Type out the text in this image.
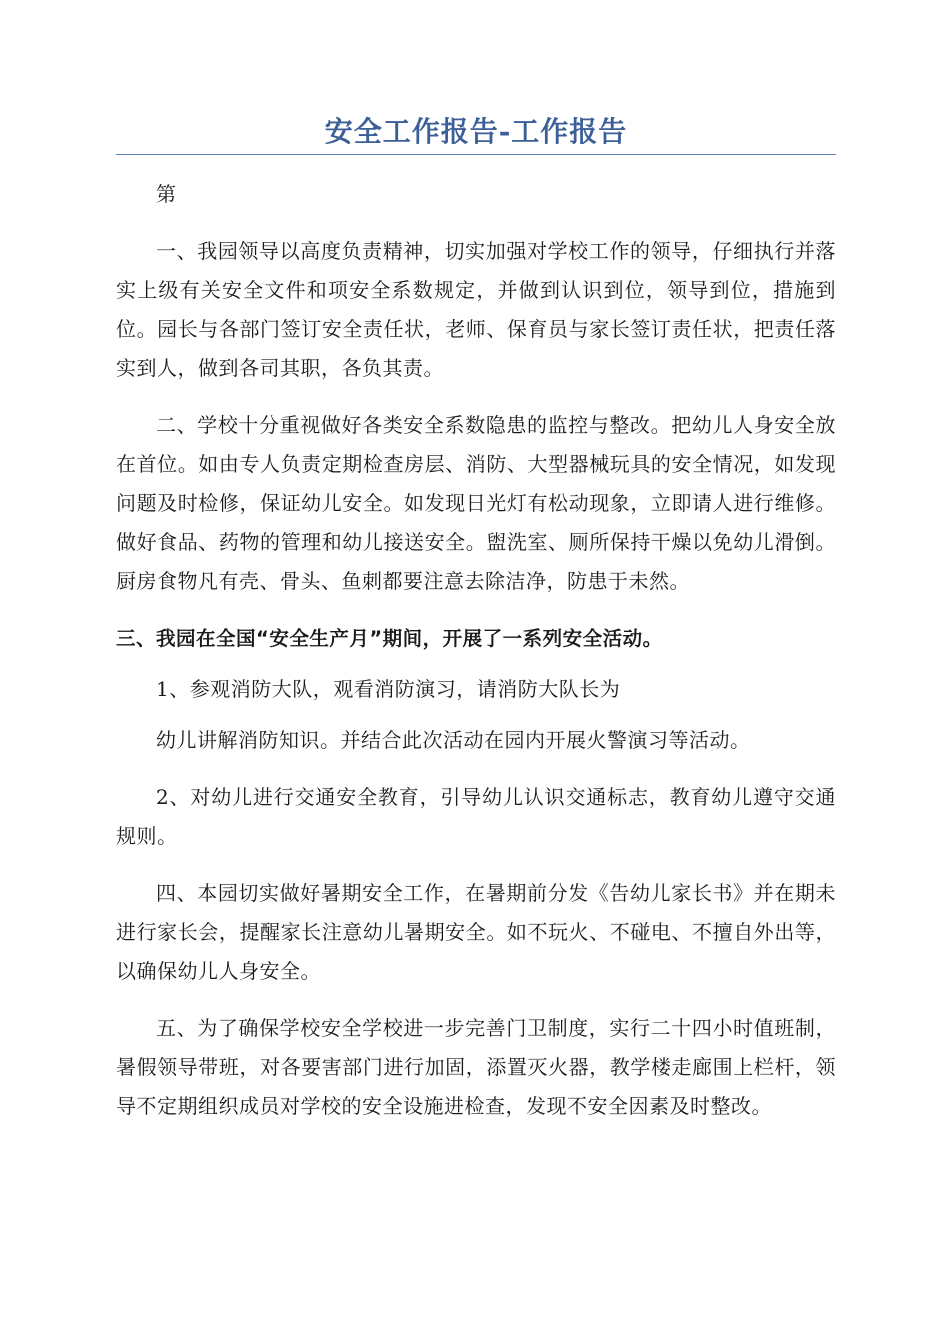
安全工作报告-工作报告

第

一、我园领导以高度负责精神，切实加强对学校工作的领导，仔细执行并落实上级有关安全文件和项安全系数规定，并做到认识到位，领导到位，措施到位。园长与各部门签订安全责任状，老师、保育员与家长签订责任状，把责任落实到人，做到各司其职，各负其责。

二、学校十分重视做好各类安全系数隐患的监控与整改。把幼儿人身安全放在首位。如由专人负责定期检查房层、消防、大型器械玩具的安全情况，如发现问题及时检修，保证幼儿安全。如发现日光灯有松动现象，立即请人进行维修。做好食品、药物的管理和幼儿接送安全。盥洗室、厕所保持干燥以免幼儿滑倒。厨房食物凡有壳、骨头、鱼刺都要注意去除洁净，防患于未然。

三、我园在全国“安全生产月”期间，开展了一系列安全活动。

1、参观消防大队，观看消防演习，请消防大队长为

幼儿讲解消防知识。并结合此次活动在园内开展火警演习等活动。

2、对幼儿进行交通安全教育，引导幼儿认识交通标志，教育幼儿遵守交通规则。

四、本园切实做好暑期安全工作，在暑期前分发《告幼儿家长书》并在期未进行家长会，提醒家长注意幼儿暑期安全。如不玩火、不碰电、不擅自外出等，以确保幼儿人身安全。

五、为了确保学校安全学校进一步完善门卫制度，实行二十四小时值班制，暑假领导带班，对各要害部门进行加固，添置灭火器，教学楼走廊围上栏杆，领导不定期组织成员对学校的安全设施进检查，发现不安全因素及时整改。
